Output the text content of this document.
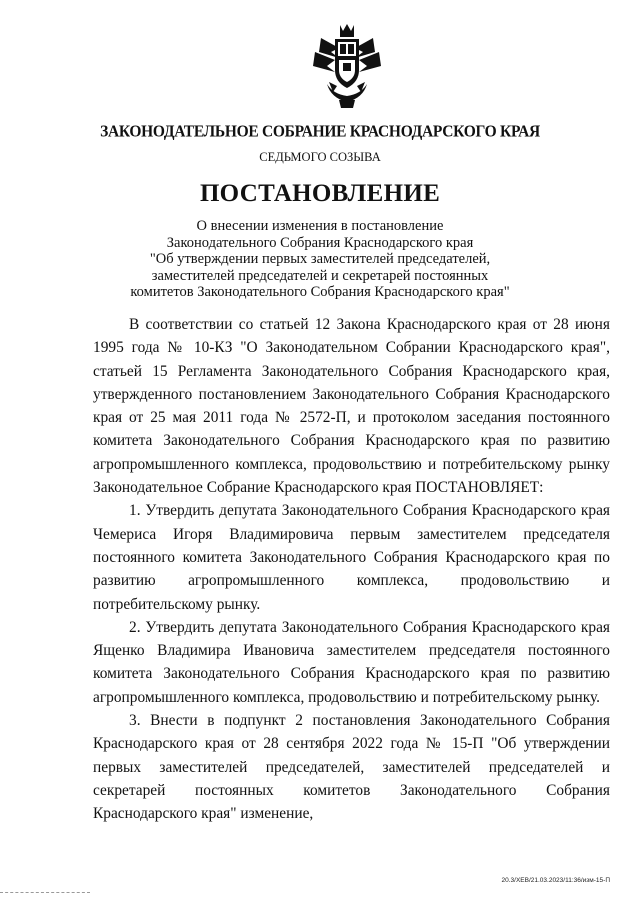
ЗАКОНОДАТЕЛЬНОЕ СОБРАНИЕ КРАСНОДАРСКОГО КРАЯ
СЕДЬМОГО СОЗЫВА
ПОСТАНОВЛЕНИЕ
О внесении изменения в постановление
Законодательного Собрания Краснодарского края
"Об утверждении первых заместителей председателей,
заместителей председателей и секретарей постоянных
комитетов Законодательного Собрания Краснодарского края"

В соответствии со статьей 12 Закона Краснодарского края от 28 июня 1995 года № 10-КЗ "О Законодательном Собрании Краснодарского края", статьей 15 Регламента Законодательного Собрания Краснодарского края, утвержденного постановлением Законодательного Собрания Краснодарского края от 25 мая 2011 года № 2572-П, и протоколом заседания постоянного комитета Законодательного Собрания Краснодарского края по развитию агропромышленного комплекса, продовольствию и потребительскому рынку Законодательное Собрание Краснодарского края ПОСТАНОВЛЯЕТ:

1. Утвердить депутата Законодательного Собрания Краснодарского края Чемериса Игоря Владимировича первым заместителем председателя постоянного комитета Законодательного Собрания Краснодарского края по развитию агропромышленного комплекса, продовольствию и потребительскому рынку.

2. Утвердить депутата Законодательного Собрания Краснодарского края Ященко Владимира Ивановича заместителем председателя постоянного комитета Законодательного Собрания Краснодарского края по развитию агропромышленного комплекса, продовольствию и потребительскому рынку.

3. Внести в подпункт 2 постановления Законодательного Собрания Краснодарского края от 28 сентября 2022 года № 15-П "Об утверждении первых заместителей председателей, заместителей председателей и секретарей постоянных комитетов Законодательного Собрания Краснодарского края" изменение,

20.3/ХЕВ/21.03.2023/11:36/изм-15-П
